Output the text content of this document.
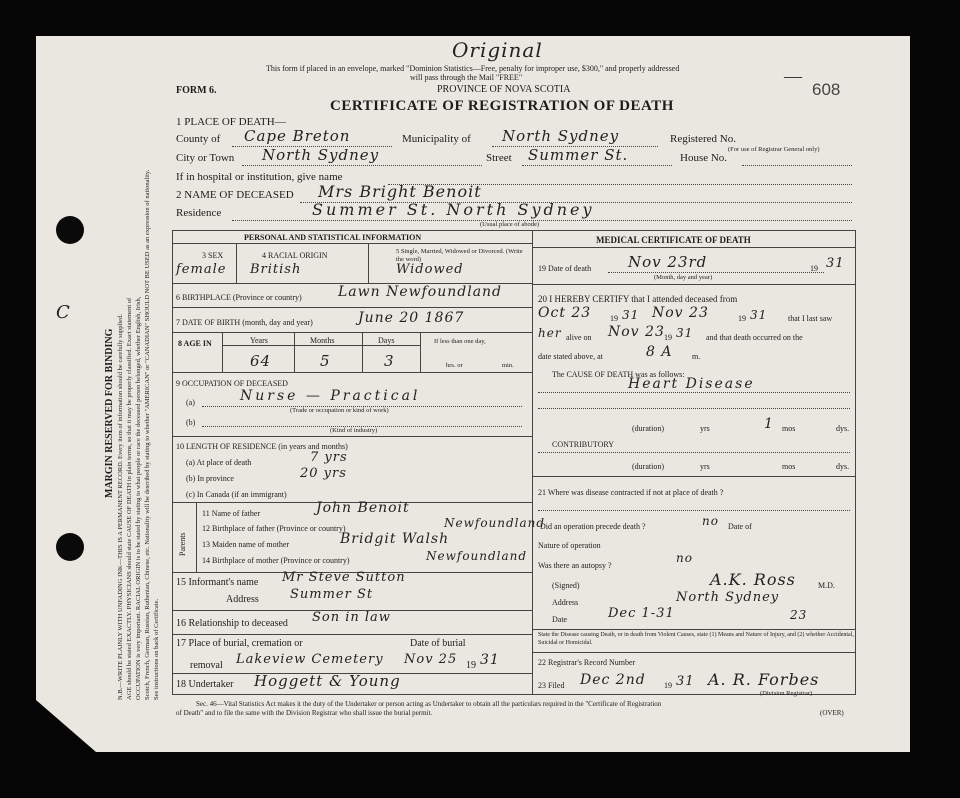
MARGIN RESERVED FOR BINDING N.B.—WRITE PLAINLY WITH UNFADING INK—THIS IS A PERMANENT RECORD. Every item of information should be carefully supplied. AGE should be stated EXACTLY. PHYSICIANS should state CAUSE OF DEATH in plain terms, so that it may be properly classified. Exact statement of OCCUPATION is very important. RACIAL ORIGIN is to be stated by stating to what people or race the deceased person belonged, whether English, Irish, Scotch, French, German, Russian, Ruthenian, Chinese, etc. Nationality will be described by stating to whether "AMERICAN" or "CANADIAN" SHOULD NOT BE USED as an expression of nationality. See instructions on back of Certificate.
C
Original
This form if placed in an envelope, marked "Dominion Statistics—Free, penalty for improper use, $300," and properly addressed
will pass through the Mail "FREE"
PROVINCE OF NOVA SCOTIA
FORM 6.
CERTIFICATE OF REGISTRATION OF DEATH
—
608
1 PLACE OF DEATH—
County of Cape Breton	Municipality of North Sydney	Registered No.
(For use of Registrar General only)
City or Town North Sydney	Street Summer St.	House No.
If in hospital or institution, give name
2 NAME OF DECEASED Mrs Bright Benoit
Residence	Summer St. North Sydney
(Usual place of abode)
PERSONAL AND STATISTICAL INFORMATION
3 SEX	4 RACIAL ORIGIN	5 Single, Married, Widowed or Divorced. (Write the word)
female British	Widowed
6 BIRTHPLACE (Province or country)	Lawn Newfoundland
7 DATE OF BIRTH (month, day and year)	June 20 1867
8 AGE IN	Years	Months	Days	If less than one day,
hrs. or	min.
64	5	3
9 OCCUPATION OF DECEASED
(a)	Nurse — Practical
(Trade or occupation or kind of work)
(b)
(Kind of industry)
10 LENGTH OF RESIDENCE (in years and months)
(a) At place of death	7 yrs
(b) In province	20 yrs
(c) In Canada (if an immigrant)
Parents
11 Name of father	John Benoit
12 Birthplace of father (Province or country)	Newfoundland
13 Maiden name of mother	Bridgit Walsh
14 Birthplace of mother (Province or country)	Newfoundland
15 Informant's name Mr Steve Sutton
Address Summer St
16 Relationship to deceased Son in law
17 Place of burial, cremation or	Date of burial
removal Lakeview Cemetery Nov 25 19 31
18 Undertaker Hoggett & Young
MEDICAL CERTIFICATE OF DEATH
19 Date of death Nov 23rd	19 31
(Month, day and year)
20 I HEREBY CERTIFY that I attended deceased from
Oct 23 19 31 Nov 23	19 31	that I last saw
her alive on Nov 23 19 31 and that death occurred on the
date stated above, at	8 A m.
The CAUSE OF DEATH was as follows:
Heart Disease
(duration)	yrs	1 mos	dys.
CONTRIBUTORY
(duration)	yrs	mos	dys.
21 Where was disease contracted if not at place of death ?
Did an operation precede death ?	no Date of
Nature of operation
Was there an autopsy ?
no
(Signed)	A.K. Ross	M.D.
Address	North Sydney
Date	Dec 1-31	23
State the Disease causing Death, or in death from Violent Causes, state (1) Means and Nature of Injury, and (2) whether Accidental, Suicidal or Homicidal.
22 Registrar's Record Number
23 Filed Dec 2nd 19 31 A. R. Forbes
(Division Registrar)
Sec. 46—Vital Statistics Act makes it the duty of the Undertaker or person acting as Undertaker to obtain all the particulars required in the "Certificate of Registration
of Death" and to file the same with the Division Registrar who shall issue the burial permit.	(OVER)
